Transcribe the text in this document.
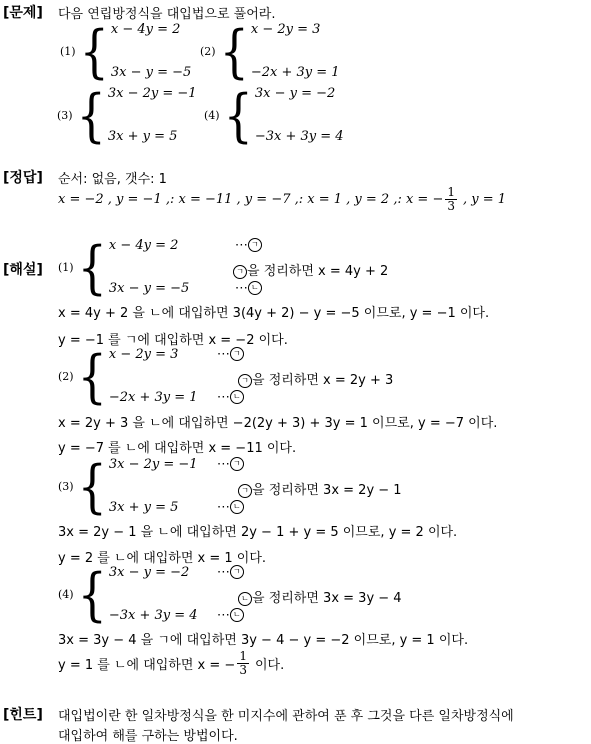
[문제] 다음 연립방정식을 대입법으로 풀어라.
(1) { x − 4y = 2
3x − y = −5
(2) { x − 2y = 3
−2x + 3y = 1
(3) { 3x − 2y = −1
3x + y = 5
(4) { 3x − y = −2
−3x + 3y = 4
[정답] 순서: 없음, 갯수: 1
x = −2 , y = −1 ,: x = −11 , y = −7 ,: x = 1 , y = 2 ,: x = − $\frac{1}{3}$ , y = 1
[해설] (1) { x − 4y = 2	⋯ ㄱ
3x − y = −5	⋯ ㄴ
ㄱ 을 정리하면 x = 4y + 2
x = 4y + 2 을 ㄴ에 대입하면 3(4y + 2) − y = −5 이므로, y = −1 이다.
y = −1 를 ㄱ에 대입하면 x = −2 이다.
(2) { x − 2y = 3	⋯ ㄱ
−2x + 3y = 1	⋯ ㄴ
ㄱ 을 정리하면 x = 2y + 3
x = 2y + 3 을 ㄴ에 대입하면 −2(2y + 3) + 3y = 1 이므로, y = −7 이다.
y = −7 를 ㄴ에 대입하면 x = −11 이다.
(3) { 3x − 2y = −1	⋯ ㄱ
3x + y = 5	⋯ ㄴ
ㄱ 을 정리하면 3x = 2y − 1
3x = 2y − 1 을 ㄴ에 대입하면 2y − 1 + y = 5 이므로, y = 2 이다.
y = 2 를 ㄴ에 대입하면 x = 1 이다.
(4) { 3x − y = −2	⋯ ㄱ
−3x + 3y = 4	⋯ ㄴ
ㄴ 을 정리하면 3x = 3y − 4
3x = 3y − 4 을 ㄱ에 대입하면 3y − 4 − y = −2 이므로, y = 1 이다.
y = 1 를 ㄴ에 대입하면 x = − $\frac{1}{3}$ 이다.
[힌트] 대입법이란 한 일차방정식을 한 미지수에 관하여 푼 후 그것을 다른 일차방정식에
대입하여 해를 구하는 방법이다.
